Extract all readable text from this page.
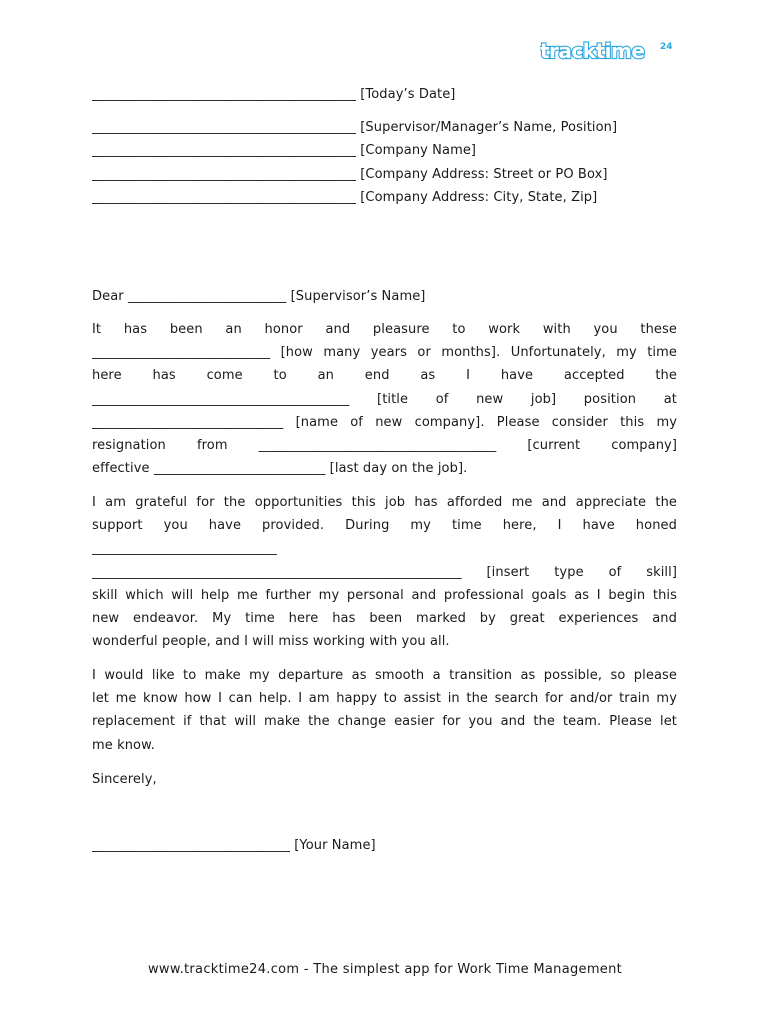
tracktime 24
________________________________________ [Today’s Date]
________________________________________ [Supervisor/Manager’s Name, Position]
________________________________________ [Company Name]
________________________________________ [Company Address: Street or PO Box]
________________________________________ [Company Address: City, State, Zip]
Dear ________________________ [Supervisor’s Name]
It has been an honor and pleasure to work with you these
___________________________ [how many years or months]. Unfortunately, my time
here has come to an end as I have accepted the
_______________________________________ [title of new job] position at
_____________________________ [name of new company]. Please consider this my
resignation from ____________________________________ [current company]
effective __________________________ [last day on the job].
I am grateful for the opportunities this job has afforded me and appreciate the
support you have provided. During my time here, I have honed
____________________________
________________________________________________________ [insert type of skill]
skill which will help me further my personal and professional goals as I begin this
new endeavor. My time here has been marked by great experiences and
wonderful people, and I will miss working with you all.
I would like to make my departure as smooth a transition as possible, so please
let me know how I can help. I am happy to assist in the search for and/or train my
replacement if that will make the change easier for you and the team. Please let
me know.
Sincerely,
______________________________ [Your Name]
www.tracktime24.com - The simplest app for Work Time Management
